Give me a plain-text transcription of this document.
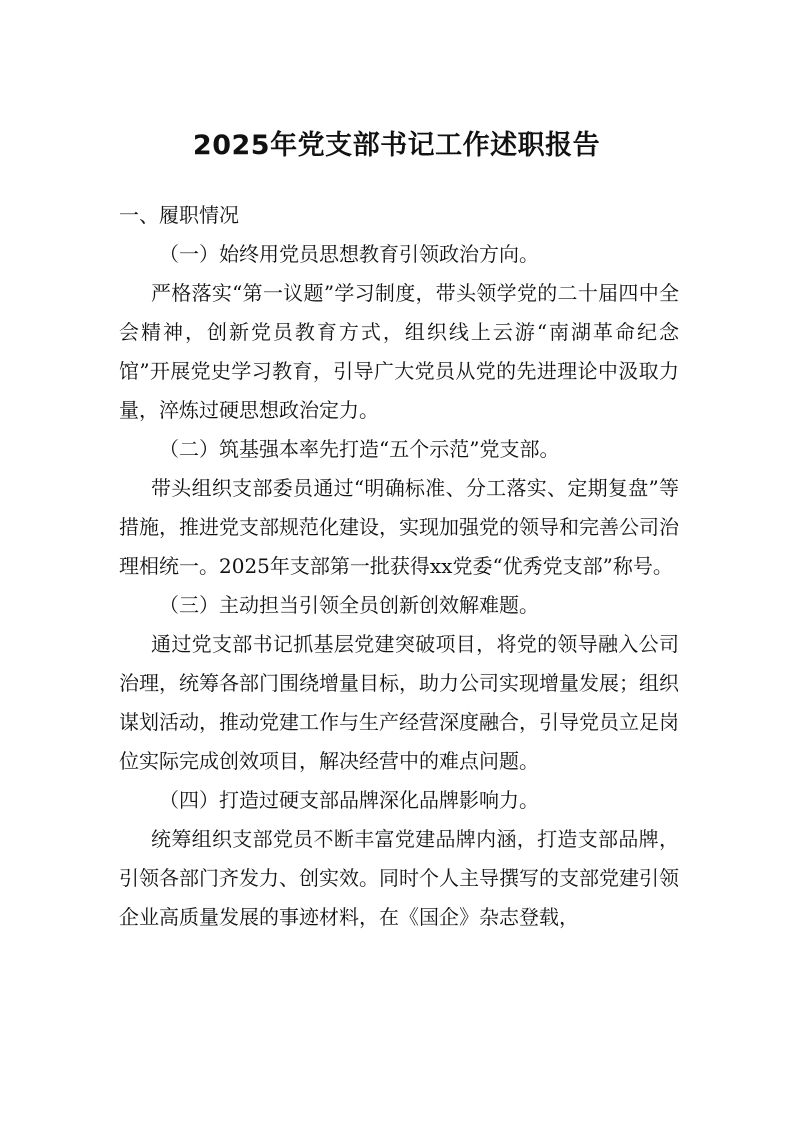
2025年党支部书记工作述职报告

一、履职情况

（一）始终用党员思想教育引领政治方向。

严格落实“第一议题”学习制度，带头领学党的二十届四中全会精神，创新党员教育方式，组织线上云游“南湖革命纪念馆”开展党史学习教育，引导广大党员从党的先进理论中汲取力量，淬炼过硬思想政治定力。

（二）筑基强本率先打造“五个示范”党支部。

带头组织支部委员通过“明确标准、分工落实、定期复盘”等措施，推进党支部规范化建设，实现加强党的领导和完善公司治理相统一。2025年支部第一批获得xx党委“优秀党支部”称号。

（三）主动担当引领全员创新创效解难题。

通过党支部书记抓基层党建突破项目，将党的领导融入公司治理，统筹各部门围绕增量目标，助力公司实现增量发展；组织谋划活动，推动党建工作与生产经营深度融合，引导党员立足岗位实际完成创效项目，解决经营中的难点问题。

（四）打造过硬支部品牌深化品牌影响力。

统筹组织支部党员不断丰富党建品牌内涵，打造支部品牌，引领各部门齐发力、创实效。同时个人主导撰写的支部党建引领企业高质量发展的事迹材料，在《国企》杂志登载，
